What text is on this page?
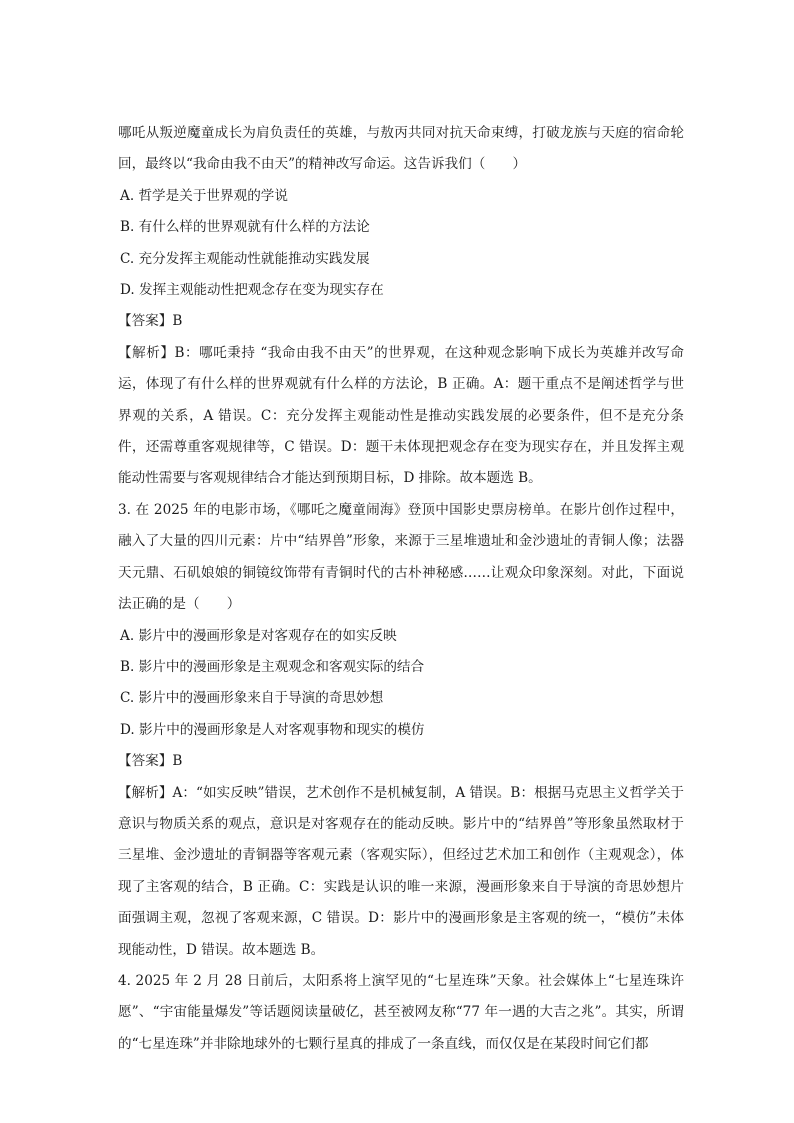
哪吒从叛逆魔童成长为肩负责任的英雄，与敖丙共同对抗天命束缚，打破龙族与天庭的宿命轮回，最终以“我命由我不由天”的精神改写命运。这告诉我们（　　）

A. 哲学是关于世界观的学说

B. 有什么样的世界观就有什么样的方法论

C. 充分发挥主观能动性就能推动实践发展

D. 发挥主观能动性把观念存在变为现实存在

【答案】B

【解析】B：哪吒秉持 “我命由我不由天”的世界观，在这种观念影响下成长为英雄并改写命运，体现了有什么样的世界观就有什么样的方法论，B 正确。A：题干重点不是阐述哲学与世界观的关系，A 错误。C：充分发挥主观能动性是推动实践发展的必要条件，但不是充分条件，还需尊重客观规律等，C 错误。D：题干未体现把观念存在变为现实存在，并且发挥主观能动性需要与客观规律结合才能达到预期目标，D 排除。故本题选 B。

3. 在 2025 年的电影市场，《哪吒之魔童闹海》登顶中国影史票房榜单。在影片创作过程中，融入了大量的四川元素：片中“结界兽”形象，来源于三星堆遗址和金沙遗址的青铜人像；法器天元鼎、石矶娘娘的铜镜纹饰带有青铜时代的古朴神秘感……让观众印象深刻。对此，下面说法正确的是（　　）

A. 影片中的漫画形象是对客观存在的如实反映

B. 影片中的漫画形象是主观观念和客观实际的结合

C. 影片中的漫画形象来自于导演的奇思妙想

D. 影片中的漫画形象是人对客观事物和现实的模仿

【答案】B

【解析】A：“如实反映”错误，艺术创作不是机械复制，A 错误。B：根据马克思主义哲学关于意识与物质关系的观点，意识是对客观存在的能动反映。影片中的“结界兽”等形象虽然取材于三星堆、金沙遗址的青铜器等客观元素（客观实际），但经过艺术加工和创作（主观观念），体现了主客观的结合，B 正确。C：实践是认识的唯一来源，漫画形象来自于导演的奇思妙想片面强调主观，忽视了客观来源，C 错误。D：影片中的漫画形象是主客观的统一，“模仿”未体现能动性，D 错误。故本题选 B。

4. 2025 年 2 月 28 日前后，太阳系将上演罕见的“七星连珠”天象。社会媒体上“七星连珠许愿”、“宇宙能量爆发”等话题阅读量破亿，甚至被网友称“77 年一遇的大吉之兆”。其实，所谓的“七星连珠”并非除地球外的七颗行星真的排成了一条直线，而仅仅是在某段时间它们都
